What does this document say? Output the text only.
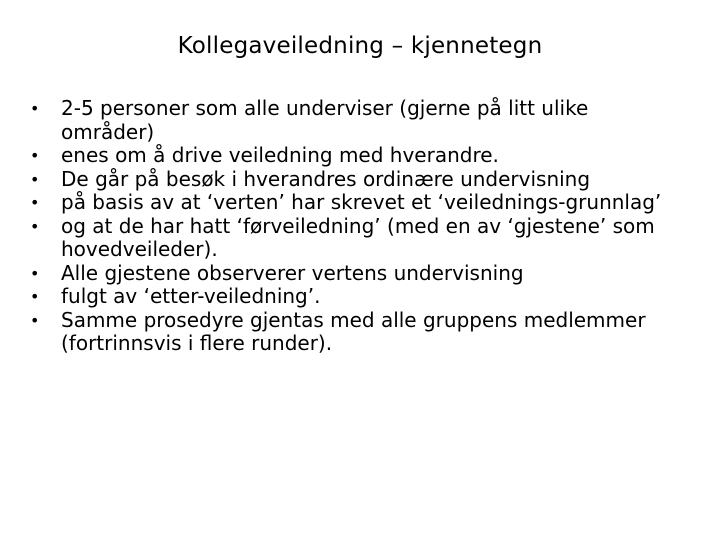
Kollegaveiledning – kjennetegn
• 2-5 personer som alle underviser (gjerne på litt ulike områder)
• enes om å drive veiledning med hverandre.
• De går på besøk i hverandres ordinære undervisning
• på basis av at ‘verten’ har skrevet et ‘veilednings-grunnlag’
• og at de har hatt ‘førveiledning’ (med en av ‘gjestene’ som hovedveileder).
• Alle gjestene observerer vertens undervisning
• fulgt av ‘etter-veiledning’.
• Samme prosedyre gjentas med alle gruppens medlemmer (fortrinnsvis i flere runder).
